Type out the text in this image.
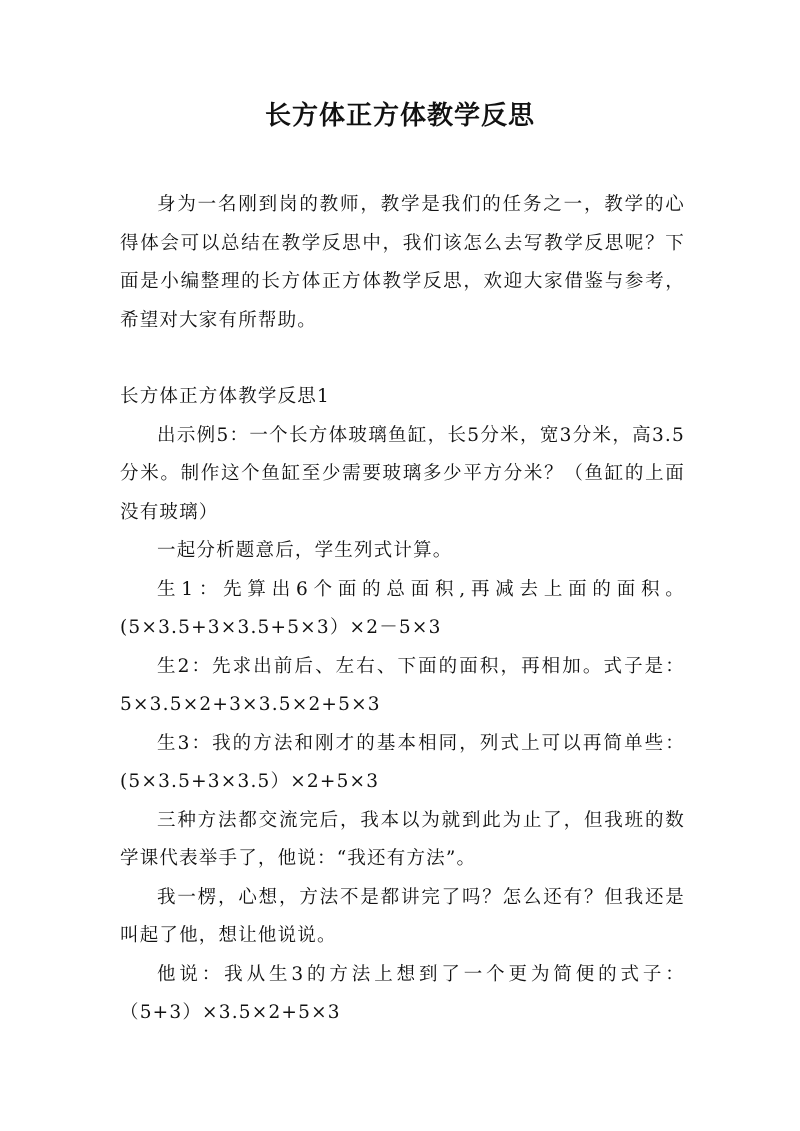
长方体正方体教学反思

身为一名刚到岗的教师，教学是我们的任务之一，教学的心得体会可以总结在教学反思中，我们该怎么去写教学反思呢？下面是小编整理的长方体正方体教学反思，欢迎大家借鉴与参考，希望对大家有所帮助。

长方体正方体教学反思1

出示例5：一个长方体玻璃鱼缸，长5分米，宽3分米，高3.5分米。制作这个鱼缸至少需要玻璃多少平方分米？（鱼缸的上面没有玻璃）

一起分析题意后，学生列式计算。

生1：先算出6个面的总面积,再减去上面的面积。(5×3.5+3×3.5+5×3）×2－5×3

生2：先求出前后、左右、下面的面积，再相加。式子是：5×3.5×2+3×3.5×2+5×3

生3：我的方法和刚才的基本相同，列式上可以再简单些：(5×3.5+3×3.5）×2+5×3

三种方法都交流完后，我本以为就到此为止了，但我班的数学课代表举手了，他说：“我还有方法”。

我一楞，心想，方法不是都讲完了吗？怎么还有？但我还是叫起了他，想让他说说。

他说：我从生3的方法上想到了一个更为简便的式子：（5+3）×3.5×2+5×3
